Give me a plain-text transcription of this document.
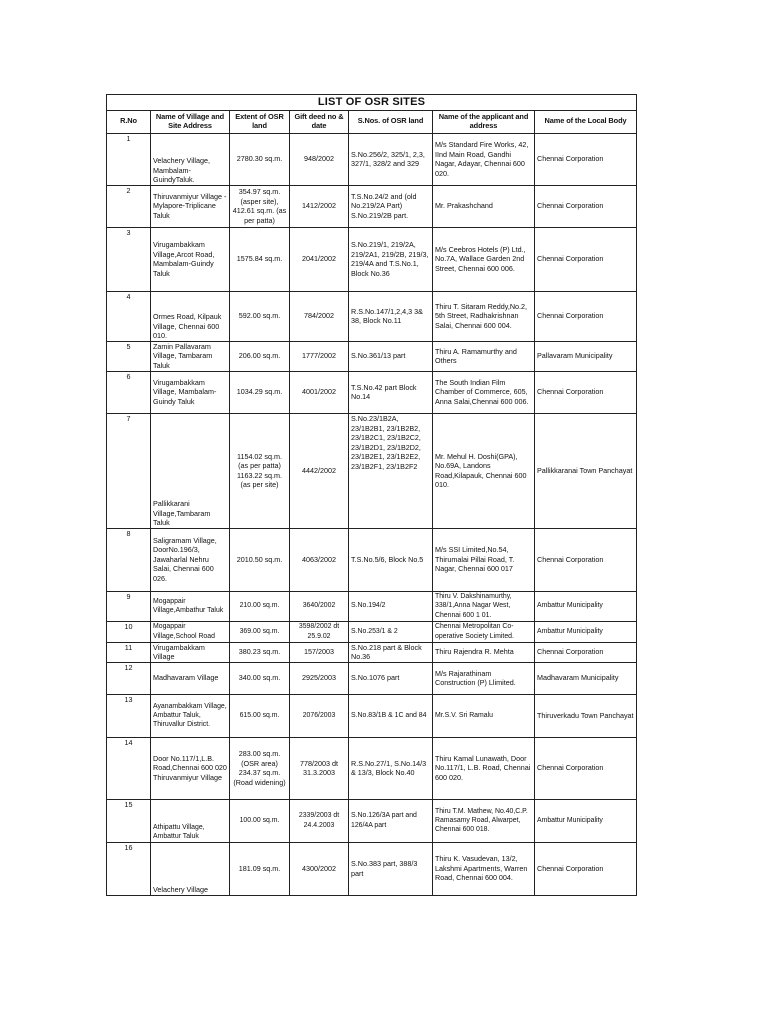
LIST OF OSR SITES						
R.No	Name of Village and Site Address	Extent of OSR land	Gift deed no & date	S.Nos. of OSR land	Name of the applicant and address	Name of the Local Body
1	Velachery Village, Mambalam-GuindyTaluk.	2780.30 sq.m.	948/2002	S.No.256/2, 325/1, 2,3, 327/1, 328/2 and 329	M/s Standard Fire Works, 42, IInd Main Road, Gandhi Nagar, Adayar, Chennai 600 020.	Chennai Corporation
2	Thiruvanmiyur Village - Mylapore-Triplicane Taluk	354.97 sq.m. (asper site), 412.61 sq.m. (as per patta)	1412/2002	T.S.No.24/2 and (old No.219/2A Part) S.No.219/2B part.	Mr. Prakashchand	Chennai Corporation
3	Virugambakkam Village,Arcot Road, Mambalam-Guindy Taluk	1575.84 sq.m.	2041/2002	S.No.219/1, 219/2A, 219/2A1, 219/2B, 219/3, 219/4A and T.S.No.1, Block No.36	M/s Ceebros Hotels (P) Ltd., No.7A, Wallace Garden 2nd Street, Chennai 600 006.	Chennai Corporation
4	Ormes Road, Kilpauk Village, Chennai 600 010.	592.00 sq.m.	784/2002	R.S.No.147/1,2,4,3 3& 38, Block No.11	Thiru T. Sitaram Reddy,No.2, 5th Street, Radhakrishnan Salai, Chennai 600 004.	Chennai Corporation
5	Zamin Pallavaram Village, Tambaram Taluk	206.00 sq.m.	1777/2002	S.No.361/13 part	Thiru A. Ramamurthy and Others	Pallavaram Municipality
6	Virugambakkam Village, Mambalam-Guindy Taluk	1034.29 sq.m.	4001/2002	T.S.No.42 part Block No.14	The South Indian Film Chamber of Commerce, 605, Anna Salai,Chennai 600 006.	Chennai Corporation
7	Pallikkarani Village,Tambaram Taluk	1154.02 sq.m. (as per patta) 1163.22 sq.m. (as per site)	4442/2002	S.No.23/1B2A, 23/1B2B1, 23/1B2B2, 23/1B2C1, 23/1B2C2, 23/1B2D1, 23/1B2D2, 23/1B2E1, 23/1B2E2, 23/1B2F1, 23/1B2F2	Mr. Mehul H. Doshi(GPA), No.69A, Landons Road,Kilapauk, Chennai 600 010.	Pallikkaranai Town Panchayat
8	Saligramam Village, DoorNo.196/3, Jawaharlal Nehru Salai, Chennai 600 026.	2010.50 sq.m.	4063/2002	T.S.No.5/6, Block No.5	M/s SSI Limited,No.54, Thirumalai Pillai Road, T. Nagar, Chennai 600 017	Chennai Corporation
9	Mogappair Village,Ambathur Taluk	210.00 sq.m.	3640/2002	S.No.194/2	Thiru V. Dakshinamurthy, 338/1,Anna Nagar West, Chennai 600 1 01.	Ambattur Municipality
10	Mogappair Village,School Road	369.00 sq.m.	3598/2002 dt 25.9.02	S.No.253/1 & 2	Chennai Metropolitan Co-operative Society Limited.	Ambattur Municipality
11	Virugambakkam Village	380.23 sq.m.	157/2003	S.No.218 part & Block No.36	Thiru Rajendra R. Mehta	Chennai Corporation
12	Madhavaram Village	340.00 sq.m.	2925/2003	S.No.1076 part	M/s Rajarathinam Construction (P) Llimited.	Madhavaram Municipality
13	Ayanambakkam Village, Ambattur Taluk, Thiruvallur District.	615.00 sq.m.	2076/2003	S.No.83/1B & 1C and 84	Mr.S.V. Sri Ramalu	Thiruverkadu Town Panchayat
14	Door No.117/1,L.B. Road,Chennai 600 020 Thiruvanmiyur Village	283.00 sq.m.(OSR area) 234.37 sq.m. (Road widening)	778/2003 dt 31.3.2003	R.S.No.27/1, S.No.14/3 & 13/3, Block No.40	Thiru Kamal Lunawath, Door No.117/1, L.B. Road, Chennai 600 020.	Chennai Corporation
15	Athipattu Village, Ambattur Taluk	100.00 sq.m.	2339/2003 dt 24.4.2003	S.No.126/3A part and 126/4A part	Thiru T.M. Mathew, No.40,C.P. Ramasamy Road, Alwarpet, Chennai 600 018.	Ambattur Municipality
16	Velachery Village	181.09 sq.m.	4300/2002	S.No.383 part, 388/3 part	Thiru K. Vasudevan, 13/2, Lakshmi Apartments, Warren Road, Chennai 600 004.	Chennai Corporation
